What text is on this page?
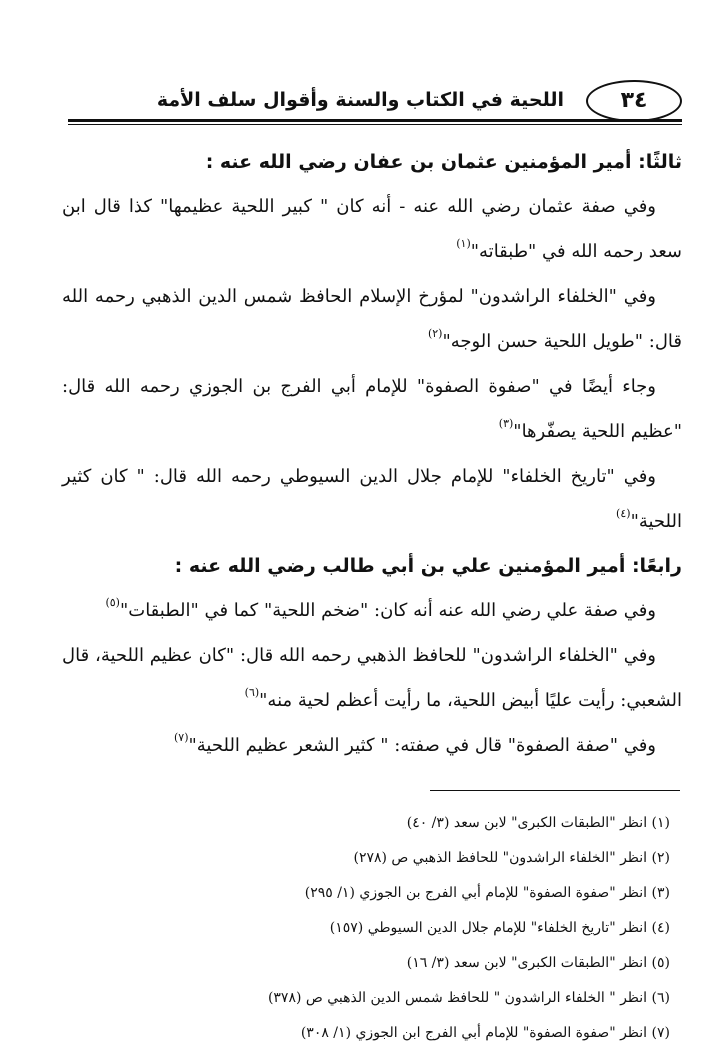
٣٤
اللحية في الكتاب والسنة وأقوال سلف الأمة
ثالثًا: أمير المؤمنين عثمان بن عفان رضي الله عنه :

وفي صفة عثمان رضي الله عنه - أنه كان " كبير اللحية عظيمها" كذا قال ابن سعد رحمه الله في "طبقاته"$^{(١)}$

وفي "الخلفاء الراشدون" لمؤرخ الإسلام الحافظ شمس الدين الذهبي رحمه الله قال: "طويل اللحية حسن الوجه"$^{(٢)}$

وجاء أيضًا في "صفوة الصفوة" للإمام أبي الفرج بن الجوزي رحمه الله قال: "عظيم اللحية يصفّرها"$^{(٣)}$

وفي "تاريخ الخلفاء" للإمام جلال الدين السيوطي رحمه الله قال: " كان كثير اللحية"$^{(٤)}$

رابعًا: أمير المؤمنين علي بن أبي طالب رضي الله عنه :

وفي صفة علي رضي الله عنه أنه كان: "ضخم اللحية" كما في "الطبقات"$^{(٥)}$

وفي "الخلفاء الراشدون" للحافظ الذهبي رحمه الله قال: "كان عظيم اللحية، قال الشعبي: رأيت عليًا أبيض اللحية، ما رأيت أعظم لحية منه"$^{(٦)}$

وفي "صفة الصفوة" قال في صفته: " كثير الشعر عظيم اللحية"$^{(٧)}$

(١) انظر "الطبقات الكبرى" لابن سعد (٣/ ٤٠)

(٢) انظر "الخلفاء الراشدون" للحافظ الذهبي ص (٢٧٨)

(٣) انظر "صفوة الصفوة" للإمام أبي الفرج بن الجوزي (١/ ٢٩٥)

(٤) انظر "تاريخ الخلفاء" للإمام جلال الدين السيوطي (١٥٧)

(٥) انظر "الطبقات الكبرى" لابن سعد (٣/ ١٦)

(٦) انظر " الخلفاء الراشدون " للحافظ شمس الدين الذهبي ص (٣٧٨)

(٧) انظر "صفوة الصفوة" للإمام أبي الفرج ابن الجوزي (١/ ٣٠٨)
